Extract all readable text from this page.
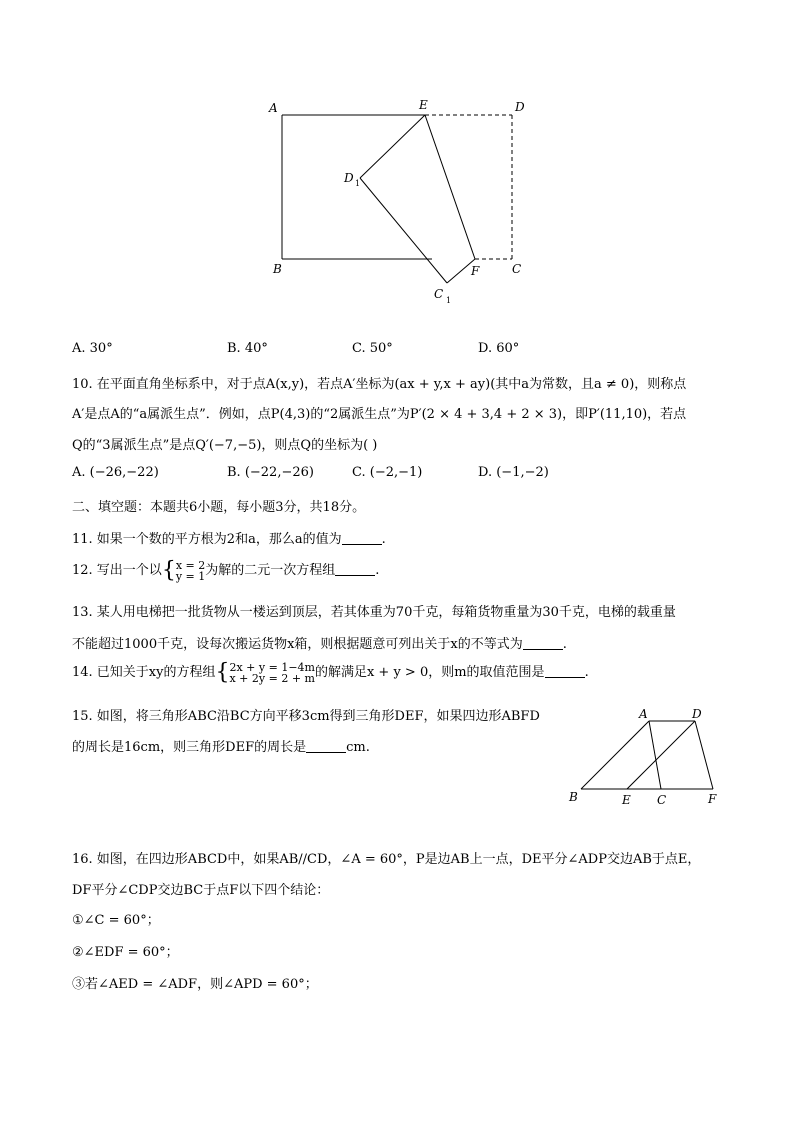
A	E	D
D 1
B	F	C
C 1
A. 30°	B. 40°	C. 50°	D. 60°
10. 在平面直角坐标系中，对于点A(x,y)，若点A′坐标为(ax + y,x + ay)(其中a为常数，且a ≠ 0)，则称点
A′是点A的“a属派生点”．例如，点P(4,3)的“2属派生点”为P′(2 × 4 + 3,4 + 2 × 3)，即P′(11,10)，若点
Q的“3属派生点”是点Q′(−7,−5)，则点Q的坐标为( )
A. (−26,−22)	B. (−22,−26)	C. (−2,−1)	D. (−1,−2)
二、填空题：本题共6小题，每小题3分，共18分。
11. 如果一个数的平方根为2和a，那么a的值为	.
12. 写出一个以{ x = 2
y = 1 为解的二元一次方程组	.
13. 某人用电梯把一批货物从一楼运到顶层，若其体重为70千克，每箱货物重量为30千克，电梯的载重量
不能超过1000千克，设每次搬运货物x箱，则根据题意可列出关于x的不等式为	.
14. 已知关于xy的方程组{ 2x + y = 1−4m
x + 2y = 2 + m 的解满足x + y > 0，则m的取值范围是	.
15. 如图，将三角形ABC沿BC方向平移3cm得到三角形DEF，如果四边形ABFD
的周长是16cm，则三角形DEF的周长是	cm.
A	D
B	E C	F
16. 如图，在四边形ABCD中，如果AB//CD，∠A = 60°，P是边AB上一点，DE平分∠ADP交边AB于点E，
DF平分∠CDP交边BC于点F以下四个结论：
①∠C = 60°；
②∠EDF = 60°；
③若∠AED = ∠ADF，则∠APD = 60°；
